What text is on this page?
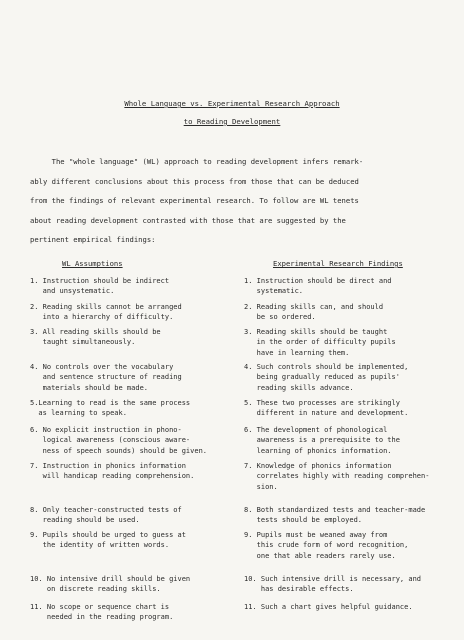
Whole Language vs. Experimental Research Approach
to Reading Development
The "whole language" (WL) approach to reading development infers remark-
ably different conclusions about this process from those that can be deduced
from the findings of relevant experimental research. To follow are WL tenets
about reading development contrasted with those that are suggested by the
pertinent empirical findings:
WL Assumptions	Experimental Research Findings
1. Instruction should be indirect
and unsystematic.
2. Reading skills cannot be arranged
into a hierarchy of difficulty.
3. All reading skills should be
taught simultaneously.
4. No controls over the vocabulary
and sentence structure of reading
materials should be made.
5.Learning to read is the same process
as learning to speak.
6. No explicit instruction in phono-
logical awareness (conscious aware-
ness of speech sounds) should be given.
7. Instruction in phonics information
will handicap reading comprehension.
8. Only teacher-constructed tests of
reading should be used.
9. Pupils should be urged to guess at
the identity of written words.
10. No intensive drill should be given
on discrete reading skills.
11. No scope or sequence chart is
needed in the reading program.
1. Instruction should be direct and
systematic.
2. Reading skills can, and should
be so ordered.
3. Reading skills should be taught
in the order of difficulty pupils
have in learning them.
4. Such controls should be implemented,
being gradually reduced as pupils'
reading skills advance.
5. These two processes are strikingly
different in nature and development.
6. The development of phonological
awareness is a prerequisite to the
learning of phonics information.
7. Knowledge of phonics information
correlates highly with reading comprehen-
sion.
8. Both standardized tests and teacher-made
tests should be employed.
9. Pupils must be weaned away from
this crude form of word recognition,
one that able readers rarely use.
10. Such intensive drill is necessary, and
has desirable effects.
11. Such a chart gives helpful guidance.
